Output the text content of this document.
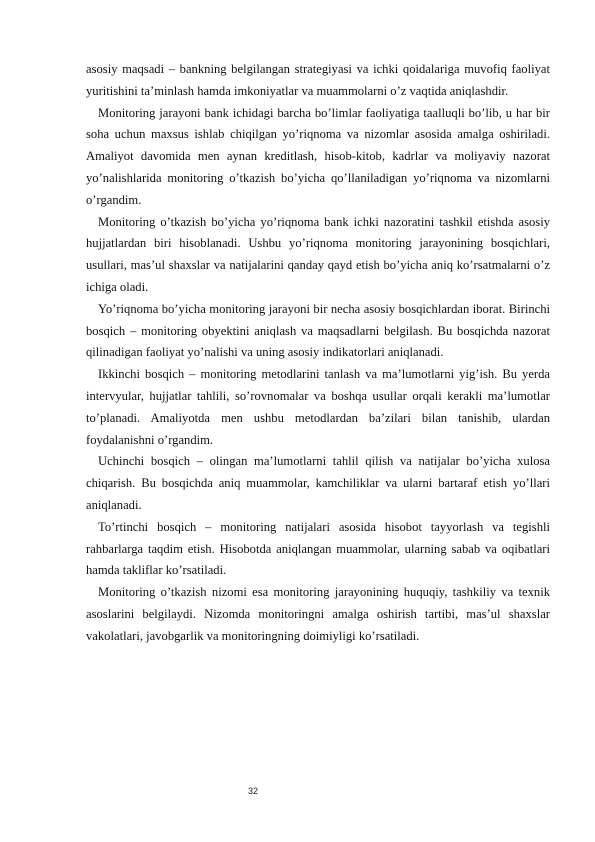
asosiy maqsadi – bankning belgilangan strategiyasi va ichki qoidalariga muvofiq faoliyat yuritishini ta’minlash hamda imkoniyatlar va muammolarni o’z vaqtida aniqlashdir.

Monitoring jarayoni bank ichidagi barcha bo’limlar faoliyatiga taalluqli bo’lib, u har bir soha uchun maxsus ishlab chiqilgan yo’riqnoma va nizomlar asosida amalga oshiriladi. Amaliyot davomida men aynan kreditlash, hisob-kitob, kadrlar va moliyaviy nazorat yo’nalishlarida monitoring o’tkazish bo’yicha qo’llaniladigan yo’riqnoma va nizomlarni o’rgandim.

Monitoring o’tkazish bo’yicha yo’riqnoma bank ichki nazoratini tashkil etishda asosiy hujjatlardan biri hisoblanadi. Ushbu yo’riqnoma monitoring jarayonining bosqichlari, usullari, mas’ul shaxslar va natijalarini qanday qayd etish bo’yicha aniq ko’rsatmalarni o’z ichiga oladi.

Yo’riqnoma bo’yicha monitoring jarayoni bir necha asosiy bosqichlardan iborat. Birinchi bosqich – monitoring obyektini aniqlash va maqsadlarni belgilash. Bu bosqichda nazorat qilinadigan faoliyat yo’nalishi va uning asosiy indikatorlari aniqlanadi.

Ikkinchi bosqich – monitoring metodlarini tanlash va ma’lumotlarni yig’ish. Bu yerda intervyular, hujjatlar tahlili, so’rovnomalar va boshqa usullar orqali kerakli ma’lumotlar to’planadi. Amaliyotda men ushbu metodlardan ba’zilari bilan tanishib, ulardan foydalanishni o’rgandim.

Uchinchi bosqich – olingan ma’lumotlarni tahlil qilish va natijalar bo’yicha xulosa chiqarish. Bu bosqichda aniq muammolar, kamchiliklar va ularni bartaraf etish yo’llari aniqlanadi.

To’rtinchi bosqich – monitoring natijalari asosida hisobot tayyorlash va tegishli rahbarlarga taqdim etish. Hisobotda aniqlangan muammolar, ularning sabab va oqibatlari hamda takliflar ko’rsatiladi.

Monitoring o’tkazish nizomi esa monitoring jarayonining huquqiy, tashkiliy va texnik asoslarini belgilaydi. Nizomda monitoringni amalga oshirish tartibi, mas’ul shaxslar vakolatlari, javobgarlik va monitoringning doimiyligi ko’rsatiladi.

32
